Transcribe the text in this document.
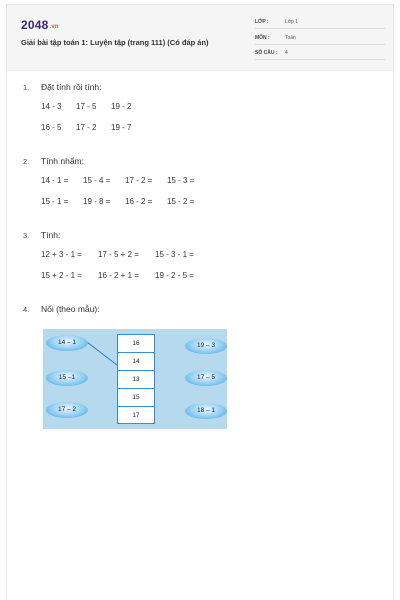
2048.vn
Giải bài tập toán 1: Luyện tập (trang 111) (Có đáp án)
LỚP :	Lớp 1
MÔN :	Toán
SỐ CÂU : 4
1. Đặt tính rồi tính:
14 - 3 17 - 5 19 - 2
16 - 5 17 - 2 19 - 7
2. Tính nhẩm:
14 - 1 = 15 - 4 = 17 - 2 = 15 - 3 =
15 - 1 = 19 - 8 = 16 - 2 = 15 - 2 =
3. Tính:
12 + 3 - 1 = 17 - 5 + 2 = 15 - 3 - 1 =
15 + 2 - 1 = 16 - 2 + 1 = 19 - 2 - 5 =
4. Nối (theo mẫu):
14 – 1
15 –1
17 – 2
16
14
13
15
17
19 – 3
17 – 5
18 – 1
